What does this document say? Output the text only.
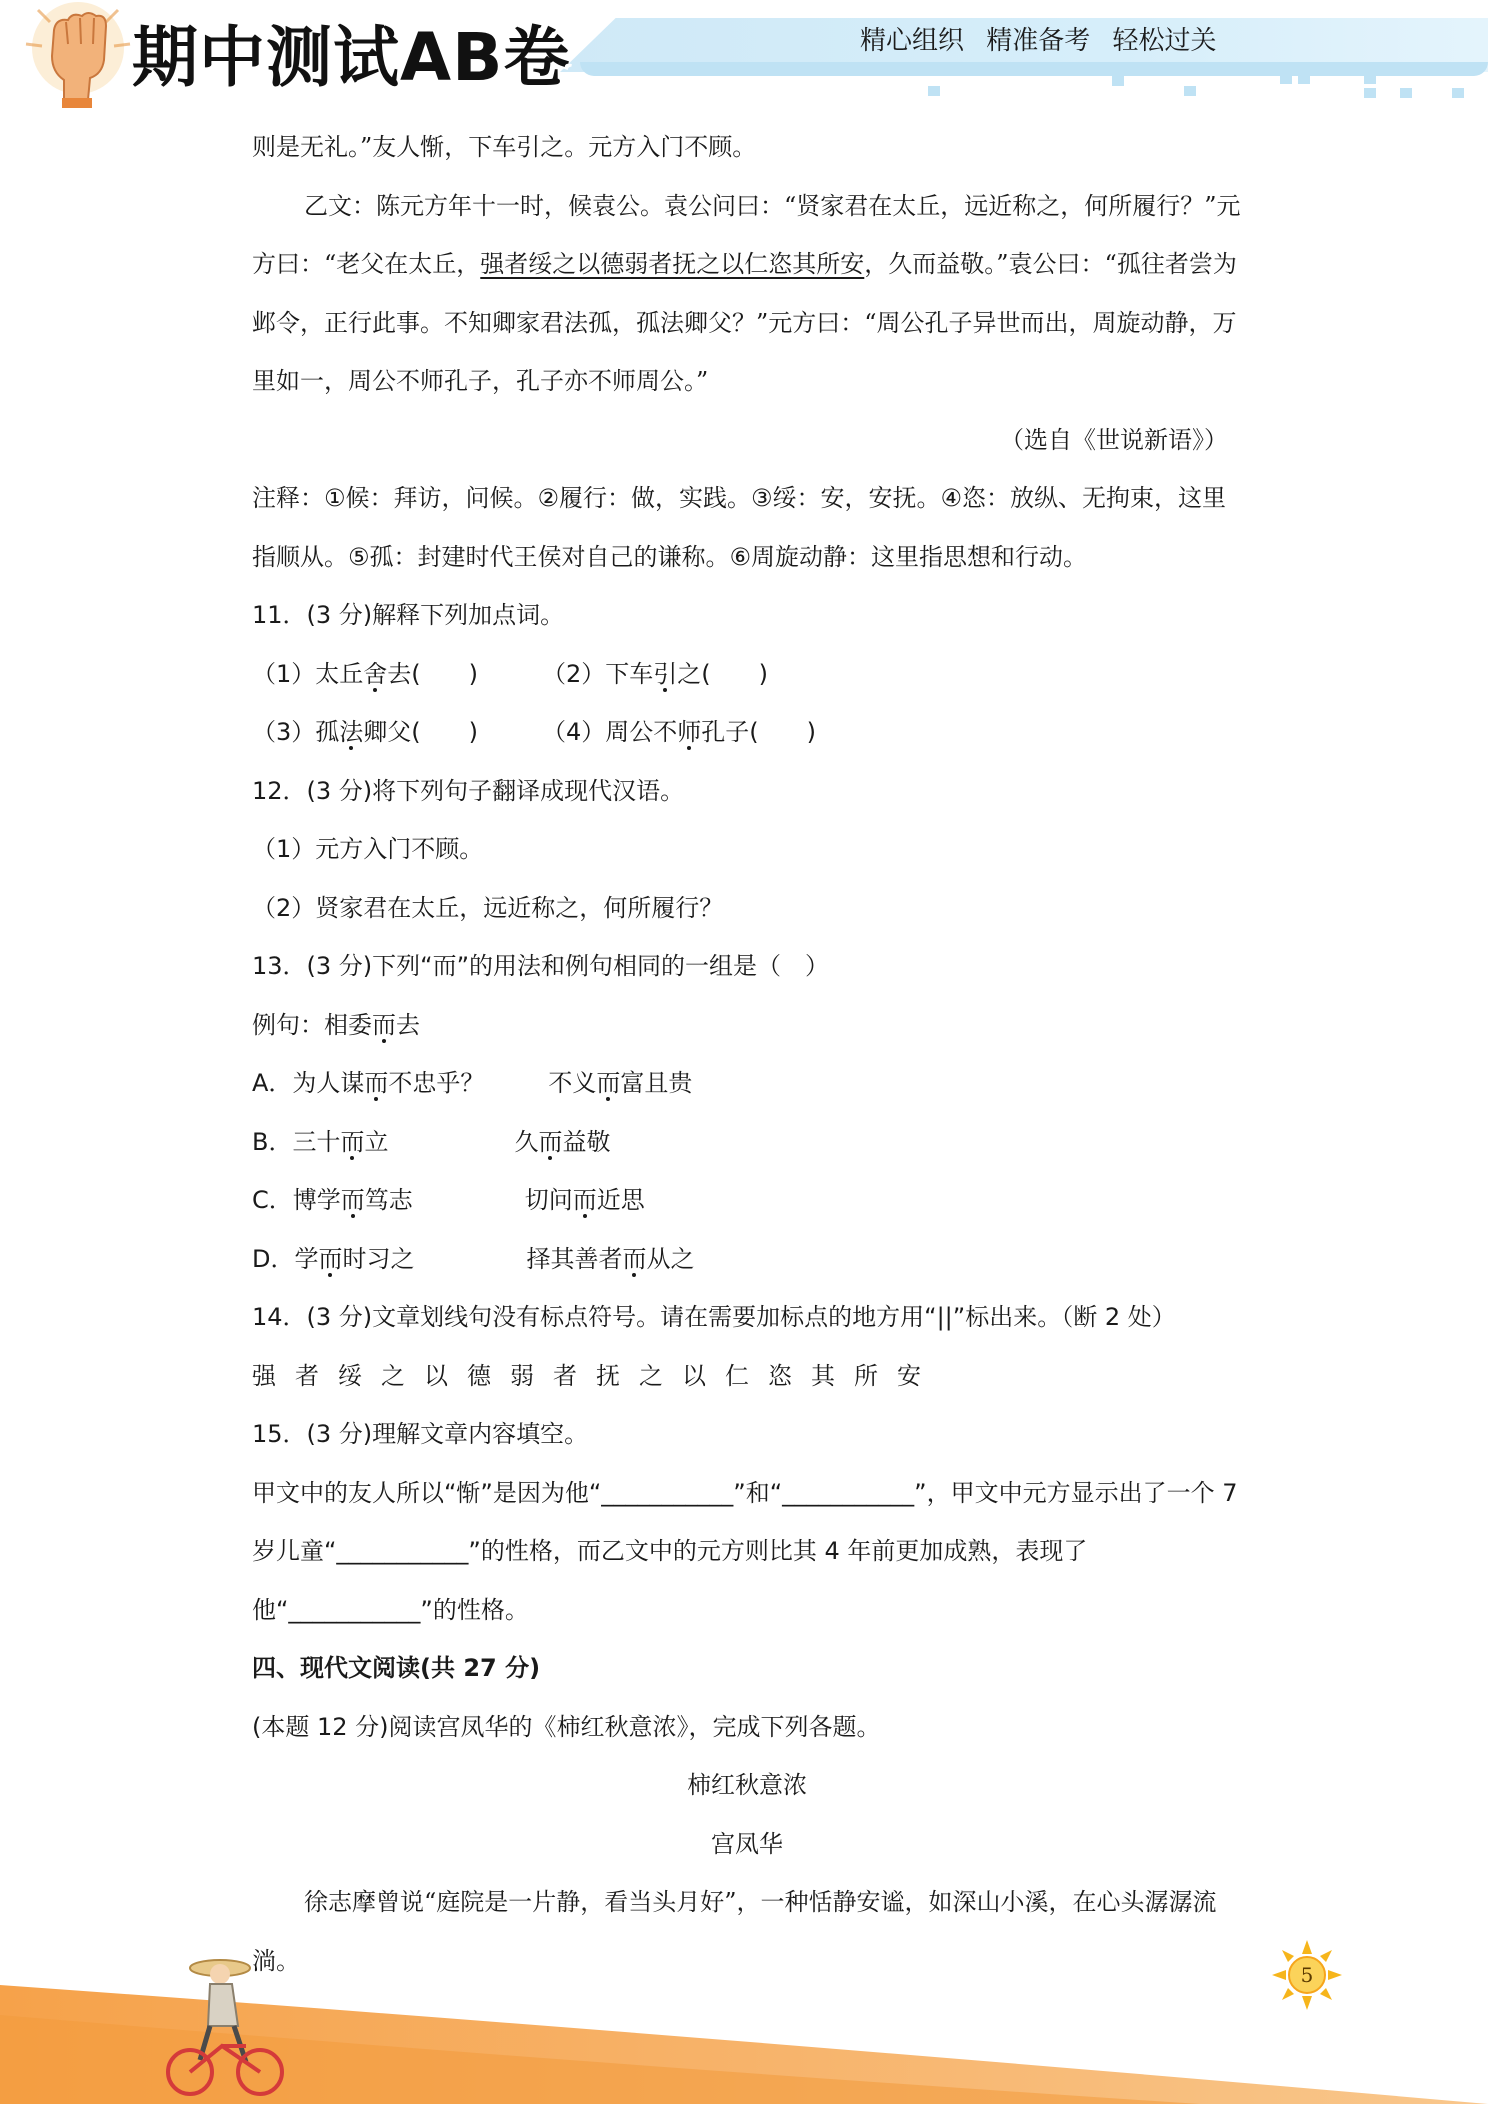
期中测试AB卷	精心组织 精准备考 轻松过关

则是无礼。”友人惭，下车引之。元方入门不顾。

乙文：陈元方年十一时，候袁公。袁公问曰：“贤家君在太丘，远近称之，何所履行？”元方曰：“老父在太丘，强者绥之以德弱者抚之以仁恣其所安，久而益敬。”袁公曰：“孤往者尝为邺令，正行此事。不知卿家君法孤，孤法卿父？”元方曰：“周公孔子异世而出，周旋动静，万里如一，周公不师孔子，孔子亦不师周公。”

（选自《世说新语》）

注释：①候：拜访，问候。②履行：做，实践。③绥：安，安抚。④恣：放纵、无拘束，这里指顺从。⑤孤：封建时代王侯对自己的谦称。⑥周旋动静：这里指思想和行动。

11．(3 分)解释下列加点词。

（1）太丘舍去(　　)	（2）下车引之(　　)

（3）孤法卿父(　　)	（4）周公不师孔子(　　)

12．(3 分)将下列句子翻译成现代汉语。

（1）元方入门不顾。

（2）贤家君在太丘，远近称之，何所履行？

13．(3 分)下列“而”的用法和例句相同的一组是（　）

例句：相委而去

A．为人谋而不忠乎？	不义而富且贵

B．三十而立	久而益敬

C．博学而笃志	切问而近思

D．学而时习之	择其善者而从之

14．(3 分)文章划线句没有标点符号。请在需要加标点的地方用“||”标出来。（断 2 处）

强者绥之以德弱者抚之以仁恣其所安

15．(3 分)理解文章内容填空。

甲文中的友人所以“惭”是因为他“___________”和“___________”，甲文中元方显示出了一个 7 岁儿童“___________”的性格，而乙文中的元方则比其 4 年前更加成熟，表现了他“___________”的性格。

四、现代文阅读(共 27 分)

(本题 12 分)阅读宫凤华的《柿红秋意浓》，完成下列各题。

柿红秋意浓

宫凤华

徐志摩曾说“庭院是一片静，看当头月好”，一种恬静安谧，如深山小溪，在心头潺潺流淌。

5
